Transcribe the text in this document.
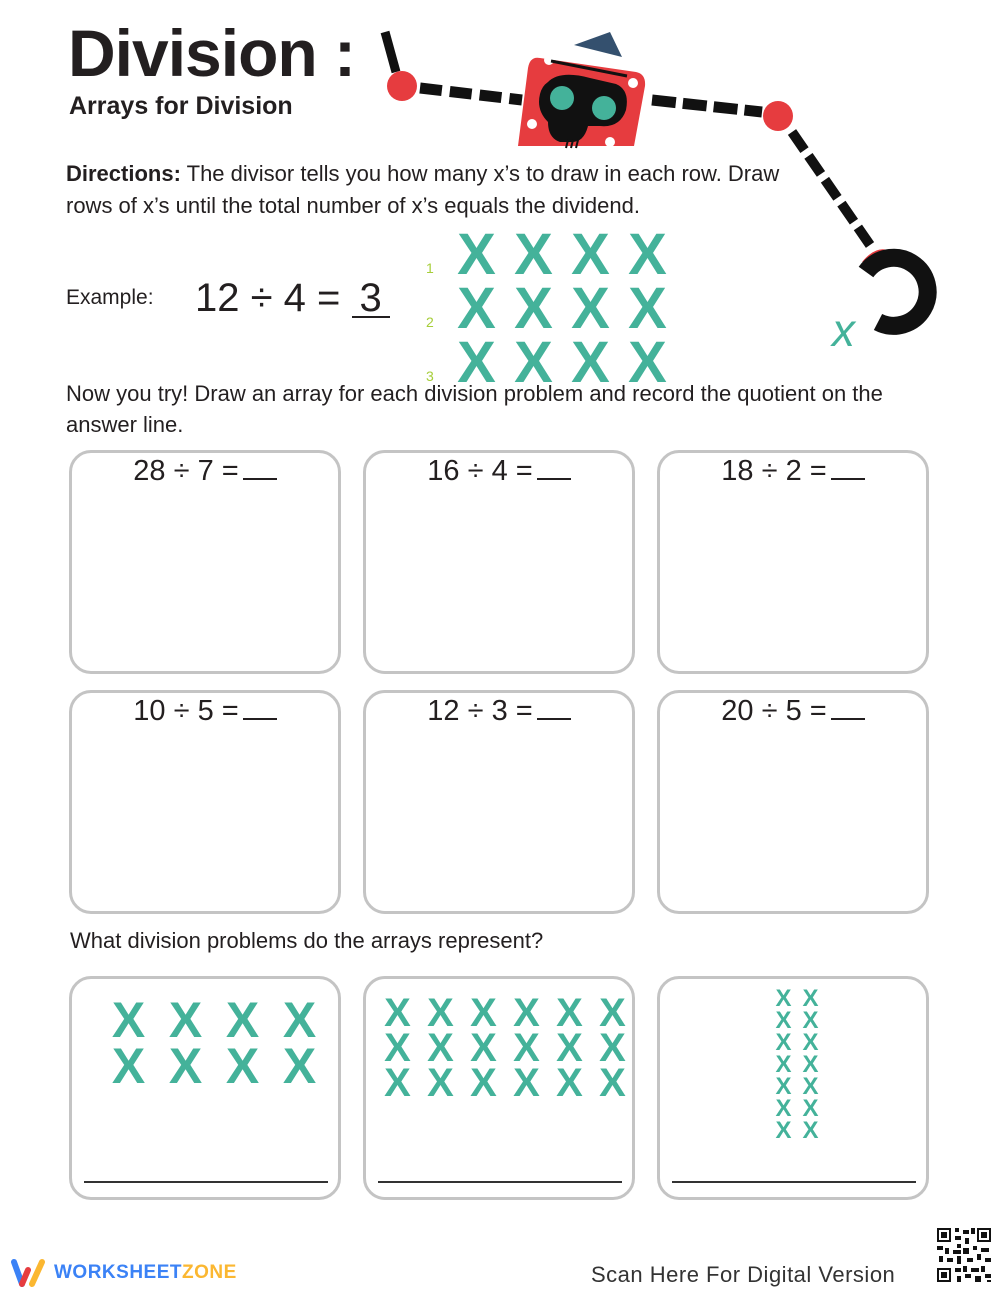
Division :
Arrays for Division
x
Directions: The divisor tells you how many x’s to draw in each row. Draw rows of x’s until the total number of x’s equals the dividend.
Example: 12 ÷ 4 = 3
1 X X X X
2 X X X X
3 X X X X
Now you try! Draw an array for each division problem and record the quotient on the answer line.
28 ÷ 7 =	16 ÷ 4 =	18 ÷ 2 =
10 ÷ 5 =	12 ÷ 3 =	20 ÷ 5 =
What division problems do the arrays represent?
X X X X
X X X X
X X X X X X
X X X X X X
X X X X X X
X X
X X
X X
X X
X X
X X
X X
WORKSHEET ZONE	Scan Here For Digital Version
